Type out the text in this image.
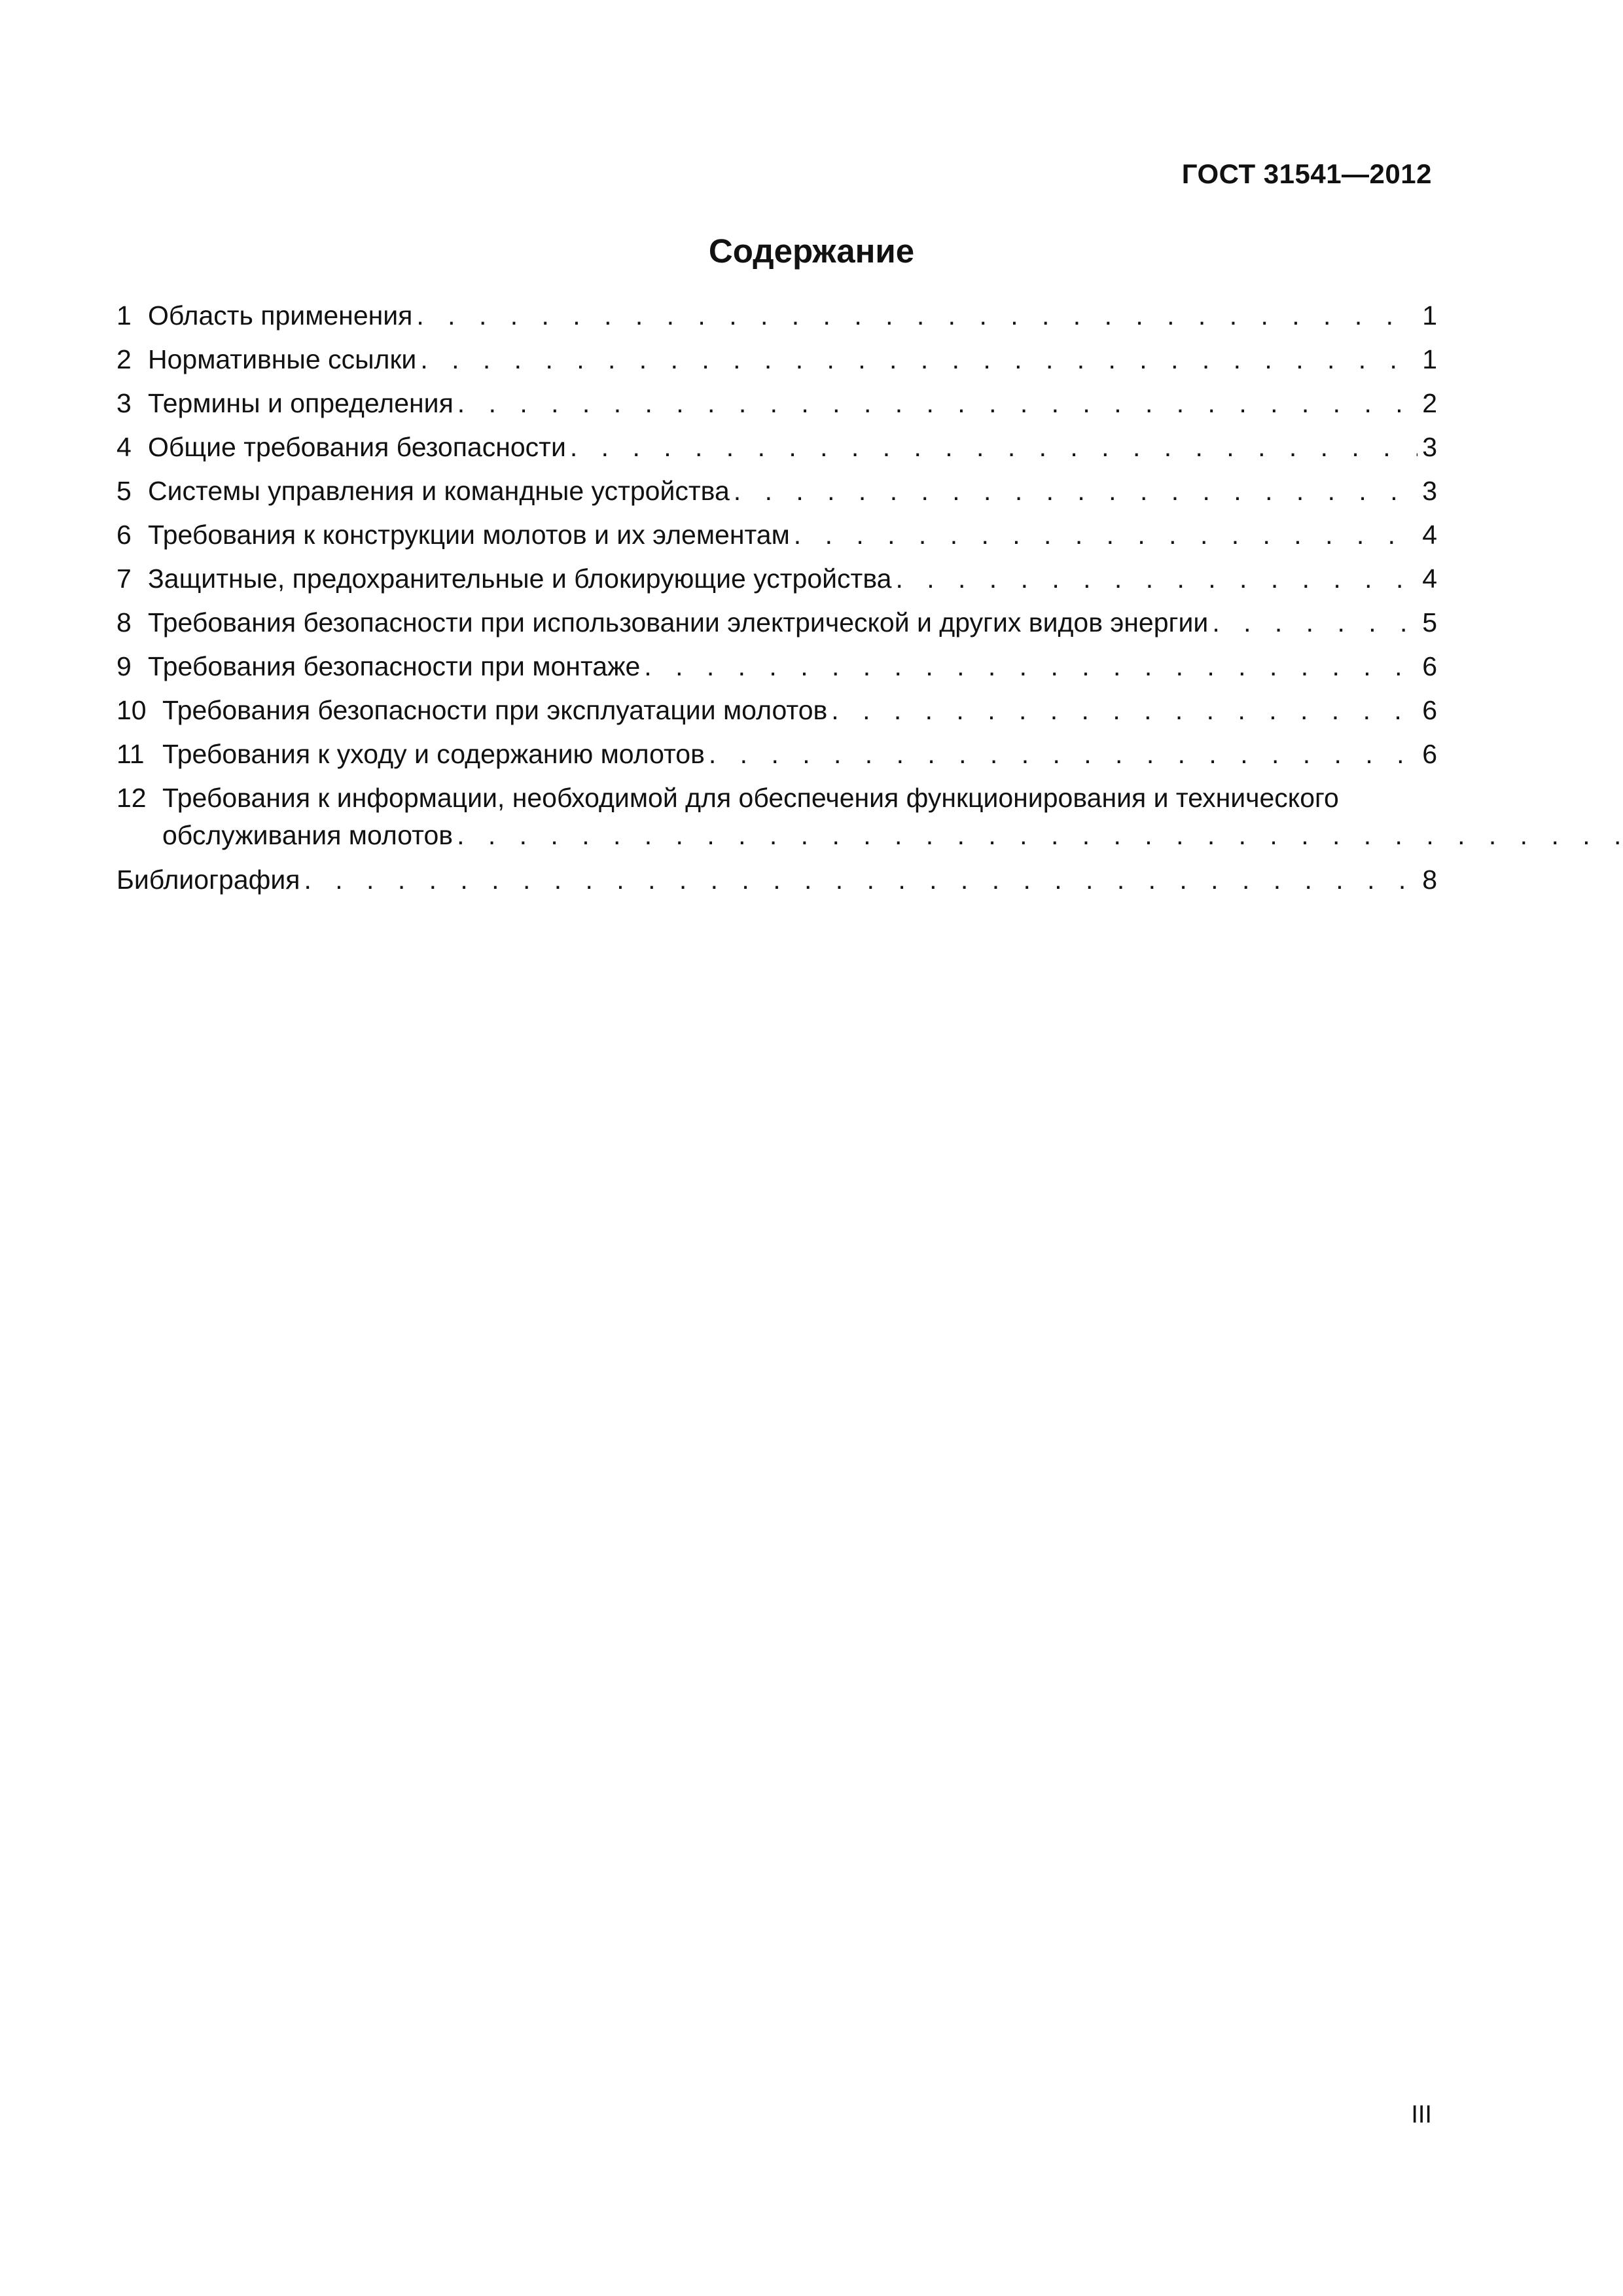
ГОСТ 31541—2012
Содержание
1 Область применения . . .	1
2 Нормативные ссылки . . .	1
3 Термины и определения . . .	2
4 Общие требования безопасности . . .	3
5 Системы управления и командные устройства . . .	3
6 Требования к конструкции молотов и их элементам . . .	4
7 Защитные, предохранительные и блокирующие устройства . . .	4
8 Требования безопасности при использовании электрической и других видов энергии . . .	5
9 Требования безопасности при монтаже . . .	6
10 Требования безопасности при эксплуатации молотов . . .	6
11 Требования к уходу и содержанию молотов . . .	6
12 Требования к информации, необходимой для обеспечения функционирования и технического
обслуживания молотов
. . .
Библиография . . .	8
III
